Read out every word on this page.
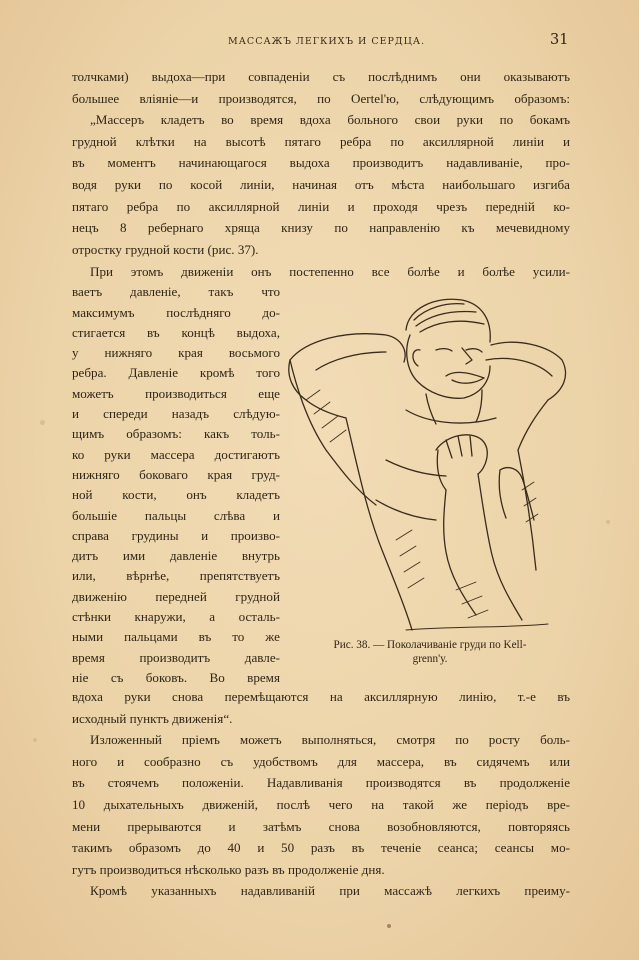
МАССАЖЪ ЛЕГКИХЪ И СЕРДЦА.	31
толчками) выдоха—при совпаденіи съ послѣднимъ они оказываютъ
большее вліяніе—и производятся, по Oertel'ю, слѣдующимъ образомъ:
„Массеръ кладетъ во время вдоха больного свои руки по бокамъ
грудной клѣтки на высотѣ пятаго ребра по аксиллярной линіи и
въ моментъ начинающагося выдоха производитъ надавливаніе, про-
водя руки по косой линіи, начиная отъ мѣста наибольшаго изгиба
пятаго ребра по аксиллярной линіи и проходя чрезъ передній ко-
нецъ 8 ребернаго хряща книзу по направленію къ мечевидному
отростку грудной кости (рис. 37).
При этомъ движеніи онъ постепенно все болѣе и болѣе усили-
ваетъ давленіе, такъ что
максимумъ послѣдняго до-
стигается въ концѣ выдоха,
у нижняго края восьмого
ребра. Давленіе кромѣ того
можетъ производиться еще
и спереди назадъ слѣдую-
щимъ образомъ: какъ толь-
ко руки массера достигаютъ
нижняго боковаго края груд-
ной кости, онъ кладетъ
большіе пальцы слѣва и
справа грудины и произво-
дитъ ими давленіе внутрь
или, вѣрнѣе, препятствуетъ
движенію передней грудной
стѣнки кнаружи, а осталь-
ными пальцами въ то же
время производитъ давле-
ніе съ боковъ. Во время
Рис. 38. — Поколачиваніе груди по Kell-
grenn'у.
вдоха руки снова перемѣщаются на аксиллярную линію, т.-е въ
исходный пунктъ движенія“.
Изложенный пріемъ можетъ выполняться, смотря по росту боль-
ного и сообразно съ удобствомъ для массера, въ сидячемъ или
въ стоячемъ положеніи. Надавливанія производятся въ продолженіе
10 дыхательныхъ движеній, послѣ чего на такой же періодъ вре-
мени прерываются и затѣмъ снова возобновляются, повторяясь
такимъ образомъ до 40 и 50 разъ въ теченіе сеанса; сеансы мо-
гутъ производиться нѣсколько разъ въ продолженіе дня.
Кромѣ указанныхъ надавливаній при массажѣ легкихъ преиму-
